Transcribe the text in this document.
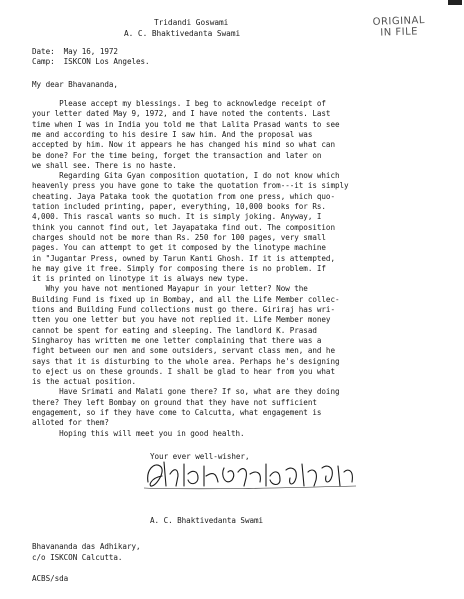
Tridandi Goswami
A. C. Bhaktivedanta Swami
ORIGINAL
IN FILE
Date:  May 16, 1972
Camp:  ISKCON Los Angeles.
My dear Bhavananda,
Please accept my blessings. I beg to acknowledge receipt of
your letter dated May 9, 1972, and I have noted the contents. Last
time when I was in India you told me that Lalita Prasad wants to see
me and according to his desire I saw him. And the proposal was
accepted by him. Now it appears he has changed his mind so what can
be done? For the time being, forget the transaction and later on
we shall see. There is no haste.
Regarding Gita Gyan composition quotation, I do not know which
heavenly press you have gone to take the quotation from---it is simply
cheating. Jaya Pataka took the quotation from one press, which quo-
tation included printing, paper, everything, 10,000 books for Rs.
4,000. This rascal wants so much. It is simply joking. Anyway, I
think you cannot find out, let Jayapataka find out. The composition
charges should not be more than Rs. 250 for 100 pages, very small
pages. You can attempt to get it composed by the linotype machine
in "Jugantar Press, owned by Tarun Kanti Ghosh. If it is attempted,
he may give it free. Simply for composing there is no problem. If
it is printed on linotype it is always new type.
Why you have not mentioned Mayapur in your letter? Now the
Building Fund is fixed up in Bombay, and all the Life Member collec-
tions and Building Fund collections must go there. Giriraj has wri-
tten you one letter but you have not replied it. Life Member money
cannot be spent for eating and sleeping. The landlord K. Prasad
Singharoy has written me one letter complaining that there was a
fight between our men and some outsiders, servant class men, and he
says that it is disturbing to the whole area. Perhaps he's designing
to eject us on these grounds. I shall be glad to hear from you what
is the actual position.
Have Srimati and Malati gone there? If so, what are they doing
there? They left Bombay on ground that they have not sufficient
engagement, so if they have come to Calcutta, what engagement is
alloted for them?
Hoping this will meet you in good health.
Your ever well-wisher,
A. C. Bhaktivedanta Swami
Bhavananda das Adhikary,
c/o ISKCON Calcutta.
ACBS/sda
